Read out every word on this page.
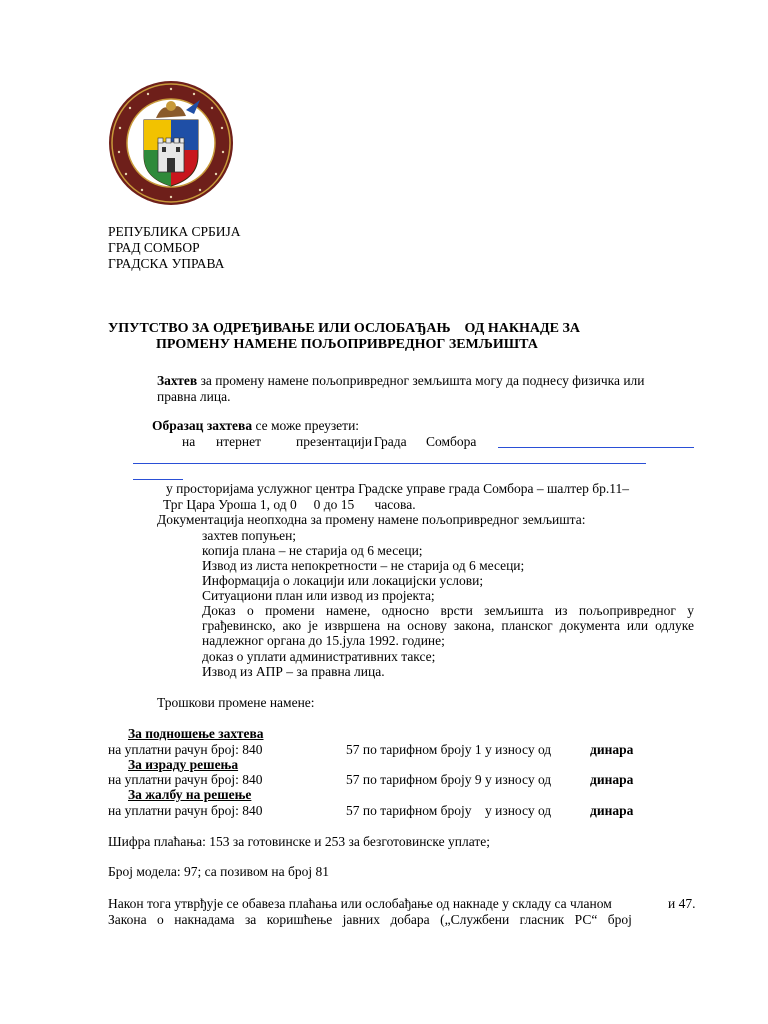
РЕПУБЛИКА СРБИЈА
ГРАД СОМБОР
ГРАДСКА УПРАВА
УПУТСТВО ЗА ОДРЕЂИВАЊЕ ИЛИ ОСЛОБАЂАЊ    ОД НАКНАДЕ ЗА
ПРОМЕНУ НАМЕНЕ ПОЉОПРИВРЕДНОГ ЗЕМЉИШТА
Захтев за промену намене пољопривредног земљишта могу да поднесу физичка или
правна лица.
Образац захтева се може преузети:
на нтернет	презентацији Града Сомбора
у просторијама услужног центра Градске управе града Сомбора – шалтер бр.11–
Трг Цара Уроша 1, од 0     0 до 15      часова.
Документација неопходна за промену намене пољопривредног земљишта:
захтев попуњен;
копија плана – не старија од 6 месеци;
Извод из листа непокретности – не старија од 6 месеци;
Информација о локацији или локацијски услови;
Ситуациони план или извод из пројекта;
Доказ о промени намене, односно врсти земљишта из пољопривредног у
грађевинско, ако је извршена на основу закона, планског документа или одлуке
надлежног органа до 15.јула 1992. године;
доказ о уплати административних таксе;
Извод из АПР – за правна лица.
Трошкови промене намене:
За подношење захтева
на уплатни рачун број: 840	57 по тарифном броју 1 у износу од	динара
За израду решења
на уплатни рачун број: 840	57 по тарифном броју 9 у износу од	динара
За жалбу на решење
на уплатни рачун број: 840	57 по тарифном броју    у износу од	динара
Шифра плаћања: 153 за готовинске и 253 за безготовинске уплате;
Број модела: 97; са позивом на број 81
Након тога утврђује се обавеза плаћања или ослобађање од накнаде у складу са чланом	и 47.
Закона о накнадама за коришћење јавних добара („Службени гласник РС“ број
